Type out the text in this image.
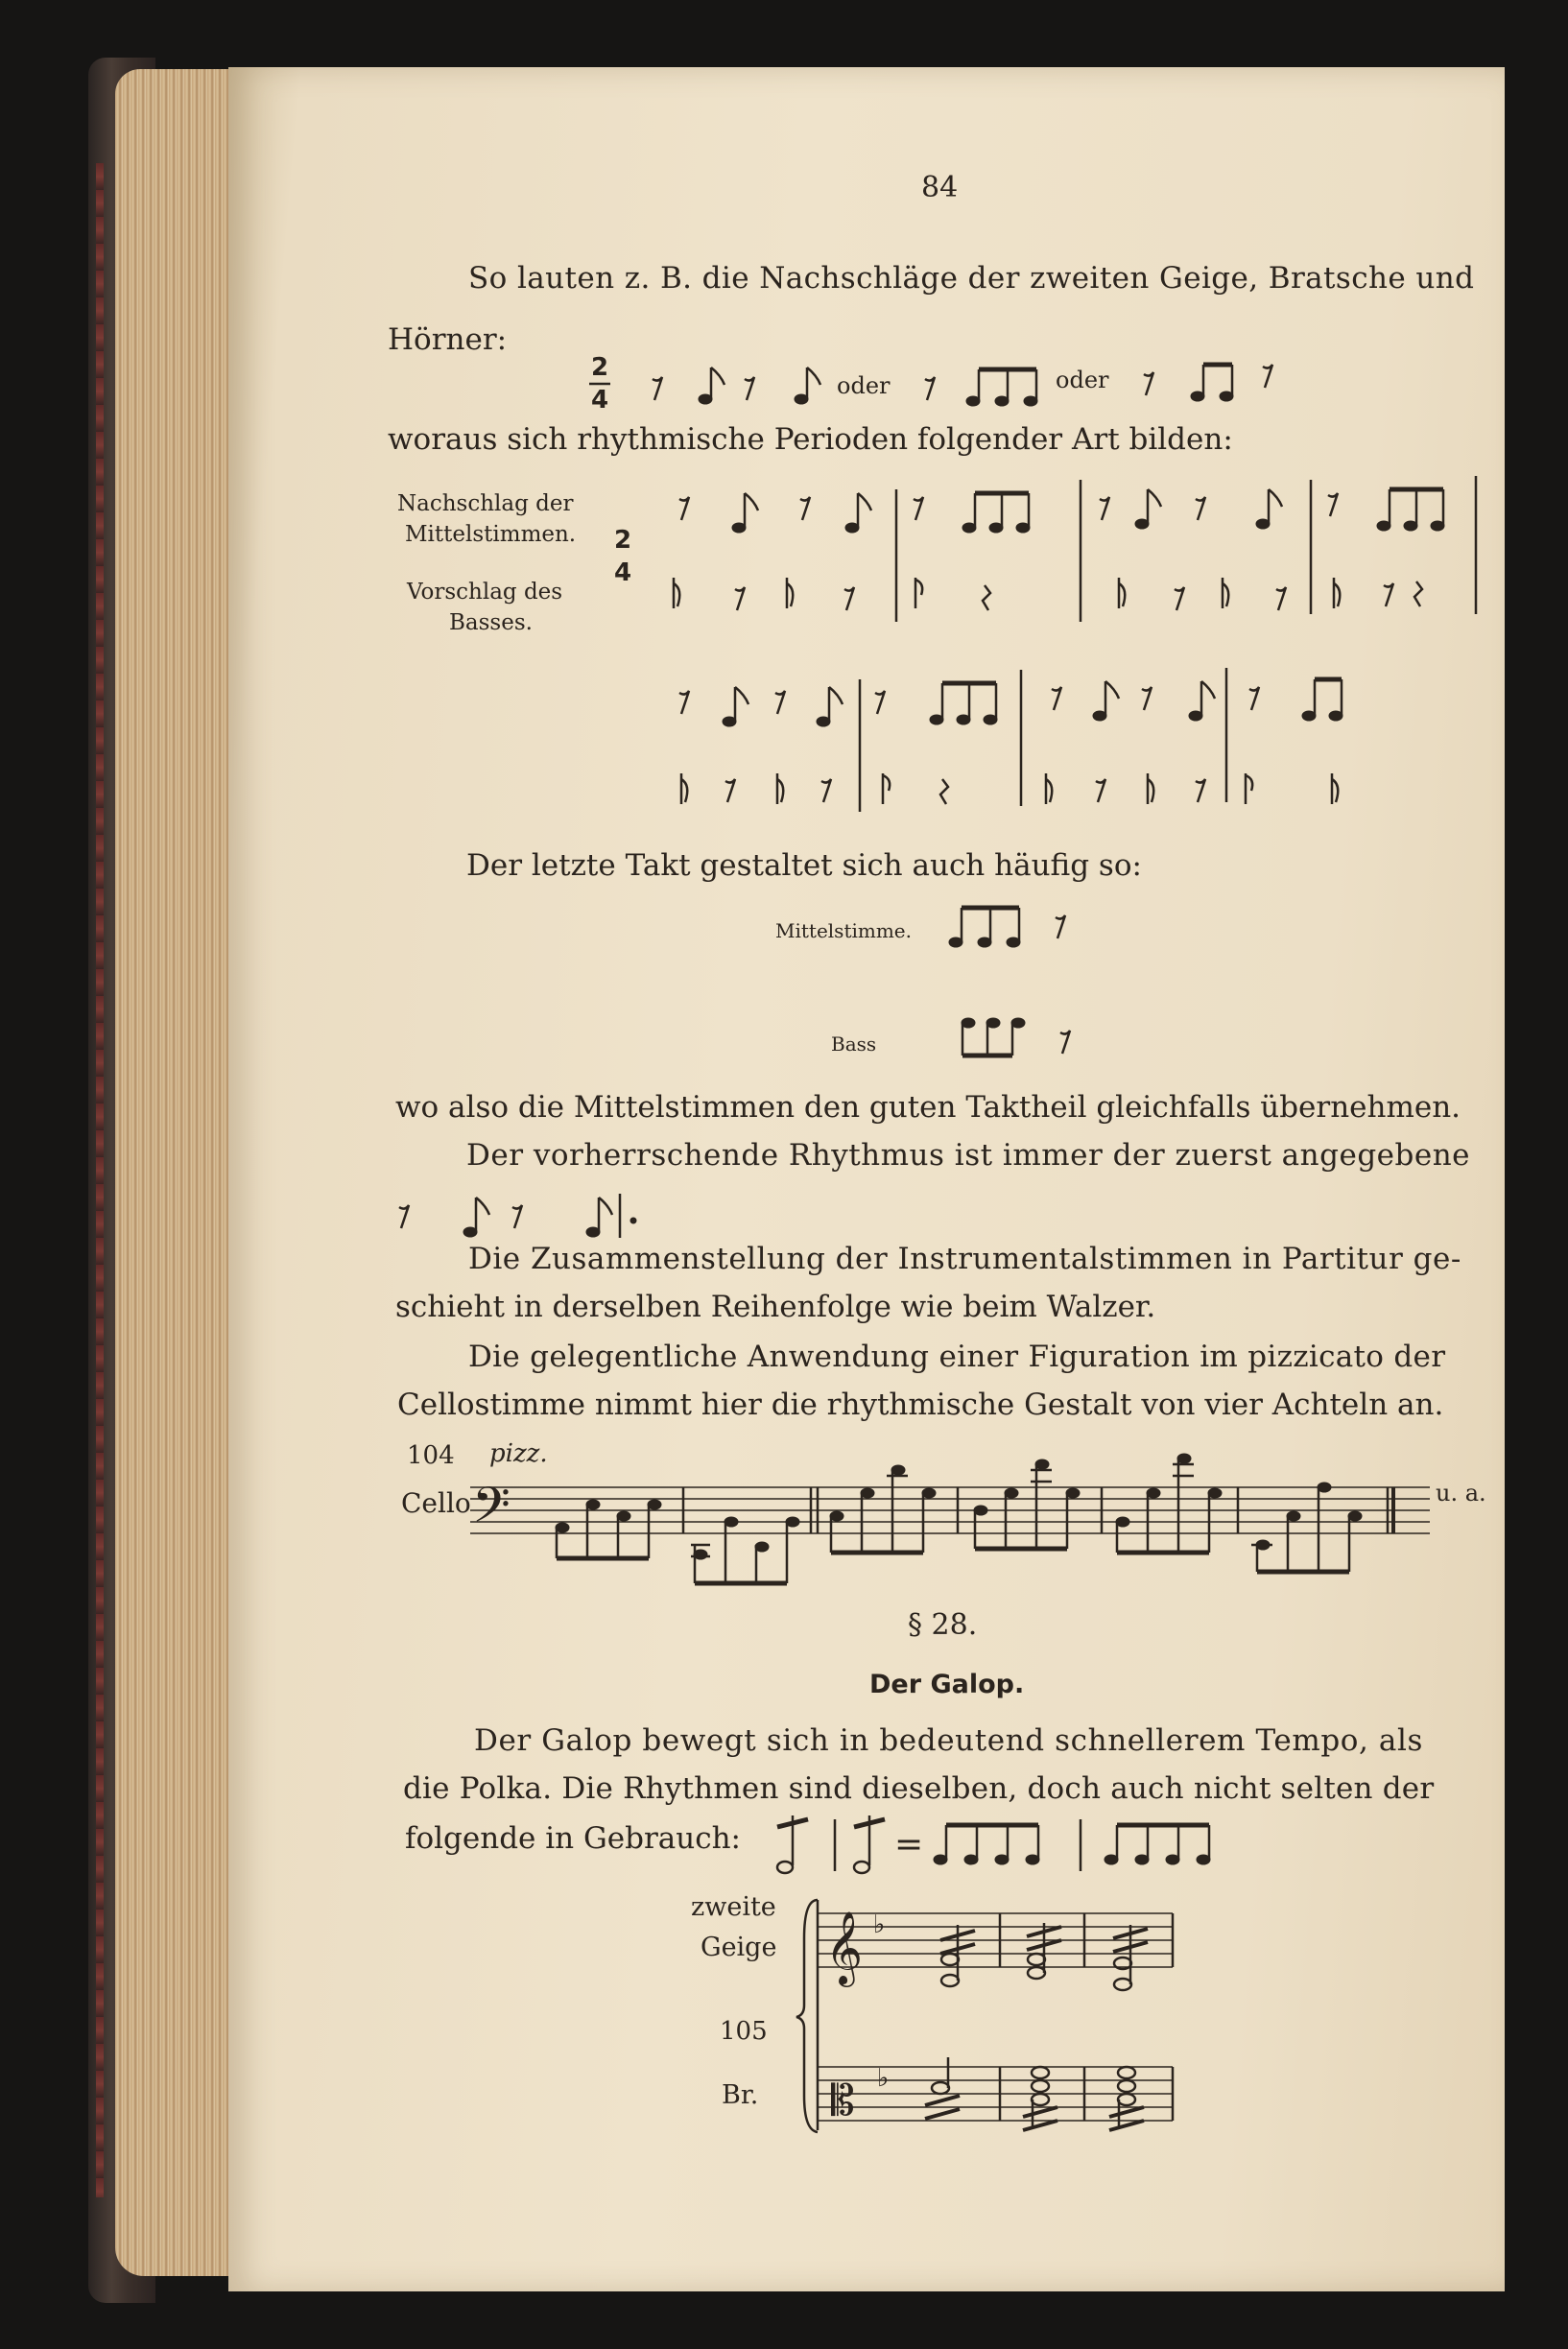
84
So lauten z. B. die Nachschläge der zweiten Geige, Bratsche und
Hörner:
2
4	oder	oder
woraus sich rhythmische Perioden folgender Art bilden:
Nachschlag der
Mittelstimmen.
Vorschlag des
Basses.
2
4
Der letzte Takt gestaltet sich auch häufig so:
Mittelstimme.
Bass
wo also die Mittelstimmen den guten Taktheil gleichfalls übernehmen.
Der vorherrschende Rhythmus ist immer der zuerst angegebene
Die Zusammenstellung der Instrumentalstimmen in Partitur ge-
schieht in derselben Reihenfolge wie beim Walzer.
Die gelegentliche Anwendung einer Figuration im pizzicato der
Cellostimme nimmt hier die rhythmische Gestalt von vier Achteln an.
104 pizz.
Cello	u. a.
𝄢
§ 28.
Der Galop.
Der Galop bewegt sich in bedeutend schnellerem Tempo, als
die Polka. Die Rhythmen sind dieselben, doch auch nicht selten der
folgende in Gebrauch:	=
zweite
Geige
105
Br.
𝄞 ♭
𝄡 ♭
